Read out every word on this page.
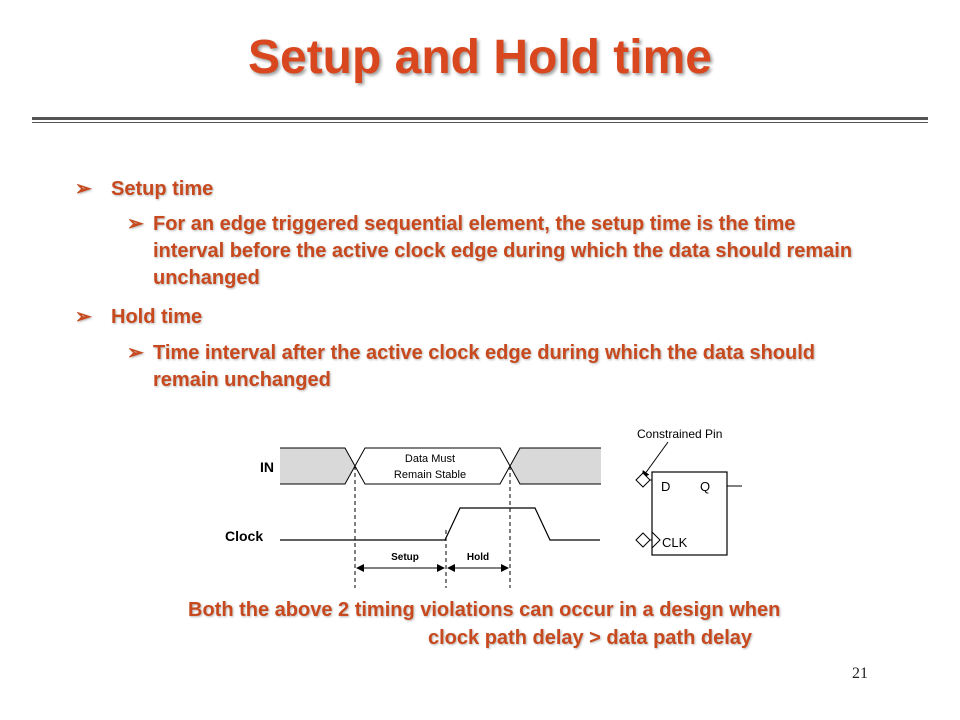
Setup and Hold time
➢ Setup time
➢ For an edge triggered sequential element, the setup time is the time interval before the active clock edge during which the data should remain unchanged
➢ Hold time
➢ Time interval after the active clock edge during which the data should remain unchanged
IN	Data Must
Remain Stable
Clock
Setup	Hold
Constrained Pin
D Q
CLK
Both the above 2 timing violations can occur in a design when
clock path delay > data path delay
21
